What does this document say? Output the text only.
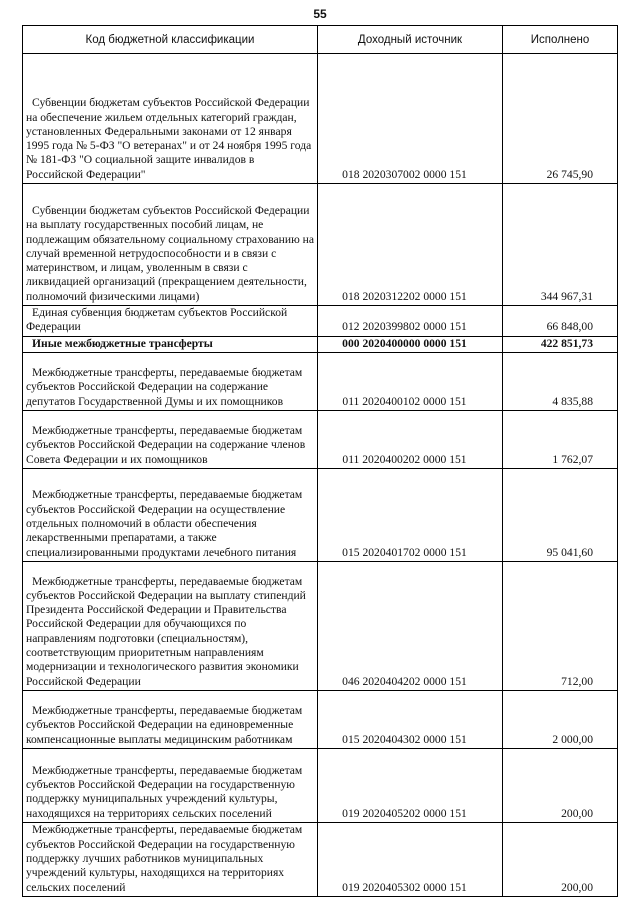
55
Код бюджетной классификации	Доходный источник	Исполнено
Субвенции бюджетам субъектов Российской Федерации на обеспечение жильем отдельных категорий граждан, установленных Федеральными законами от 12 января 1995 года № 5-ФЗ "О ветеранах" и от 24 ноября 1995 года № 181-ФЗ "О социальной защите инвалидов в Российской Федерации"	018 2020307002 0000 151	26 745,90
Субвенции бюджетам субъектов Российской Федерации на выплату государственных пособий лицам, не подлежащим обязательному социальному страхованию на случай временной нетрудоспособности и в связи с материнством, и лицам, уволенным в связи с ликвидацией организаций (прекращением деятельности, полномочий физическими лицами)	018 2020312202 0000 151	344 967,31
Единая субвенция бюджетам субъектов Российской Федерации	012 2020399802 0000 151	66 848,00
Иные межбюджетные трансферты	000 2020400000 0000 151	422 851,73
Межбюджетные трансферты, передаваемые бюджетам субъектов Российской Федерации на содержание депутатов Государственной Думы и их помощников	011 2020400102 0000 151	4 835,88
Межбюджетные трансферты, передаваемые бюджетам субъектов Российской Федерации на содержание членов Совета Федерации и их помощников	011 2020400202 0000 151	1 762,07
Межбюджетные трансферты, передаваемые бюджетам субъектов Российской Федерации на осуществление отдельных полномочий в области обеспечения лекарственными препаратами, а также специализированными продуктами лечебного питания	015 2020401702 0000 151	95 041,60
Межбюджетные трансферты, передаваемые бюджетам субъектов Российской Федерации на выплату стипендий Президента Российской Федерации и Правительства Российской Федерации для обучающихся по направлениям подготовки (специальностям), соответствующим приоритетным направлениям модернизации и технологического развития экономики Российской Федерации	046 2020404202 0000 151	712,00
Межбюджетные трансферты, передаваемые бюджетам субъектов Российской Федерации на единовременные компенсационные выплаты медицинским работникам	015 2020404302 0000 151	2 000,00
Межбюджетные трансферты, передаваемые бюджетам субъектов Российской Федерации на государственную поддержку муниципальных учреждений культуры, находящихся на территориях сельских поселений	019 2020405202 0000 151	200,00
Межбюджетные трансферты, передаваемые бюджетам субъектов Российской Федерации на государственную поддержку лучших работников муниципальных учреждений культуры, находящихся на территориях сельских поселений	019 2020405302 0000 151	200,00
